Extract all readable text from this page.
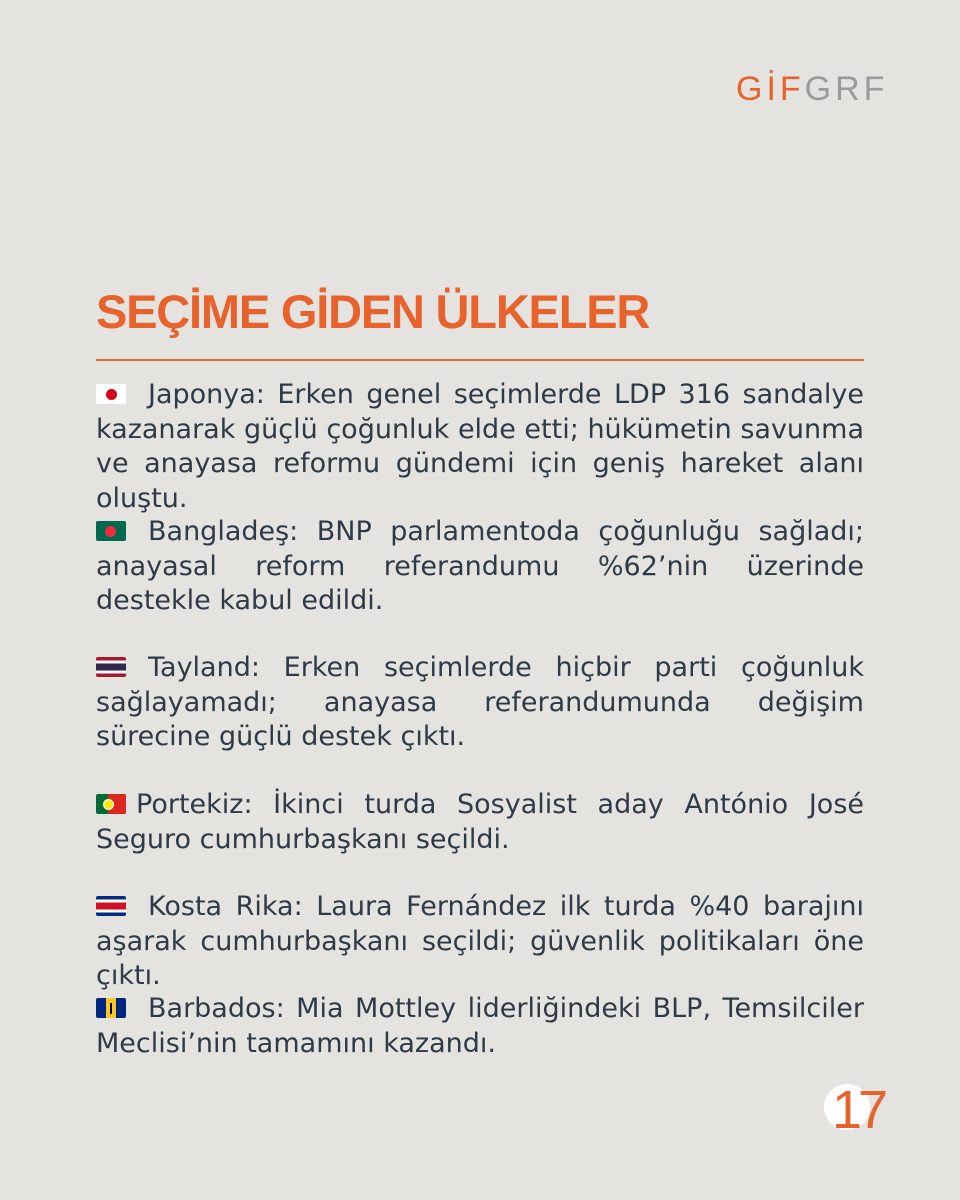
GİFGRF
SEÇİME GİDEN ÜLKELER

Japonya: Erken genel seçimlerde LDP 316 sandalye kazanarak güçlü çoğunluk elde etti; hükümetin savunma ve anayasa reformu gündemi için geniş hareket alanı oluştu.

Bangladeş: BNP parlamentoda çoğunluğu sağladı; anayasal reform referandumu %62’nin üzerinde destekle kabul edildi.

Tayland: Erken seçimlerde hiçbir parti çoğunluk sağlayamadı; anayasa referandumunda değişim sürecine güçlü destek çıktı.

Portekiz: İkinci turda Sosyalist aday António José Seguro cumhurbaşkanı seçildi.

Kosta Rika: Laura Fernández ilk turda %40 barajını aşarak cumhurbaşkanı seçildi; güvenlik politikaları öne çıktı.

Barbados: Mia Mottley liderliğindeki BLP, Temsilciler Meclisi’nin tamamını kazandı.

17
